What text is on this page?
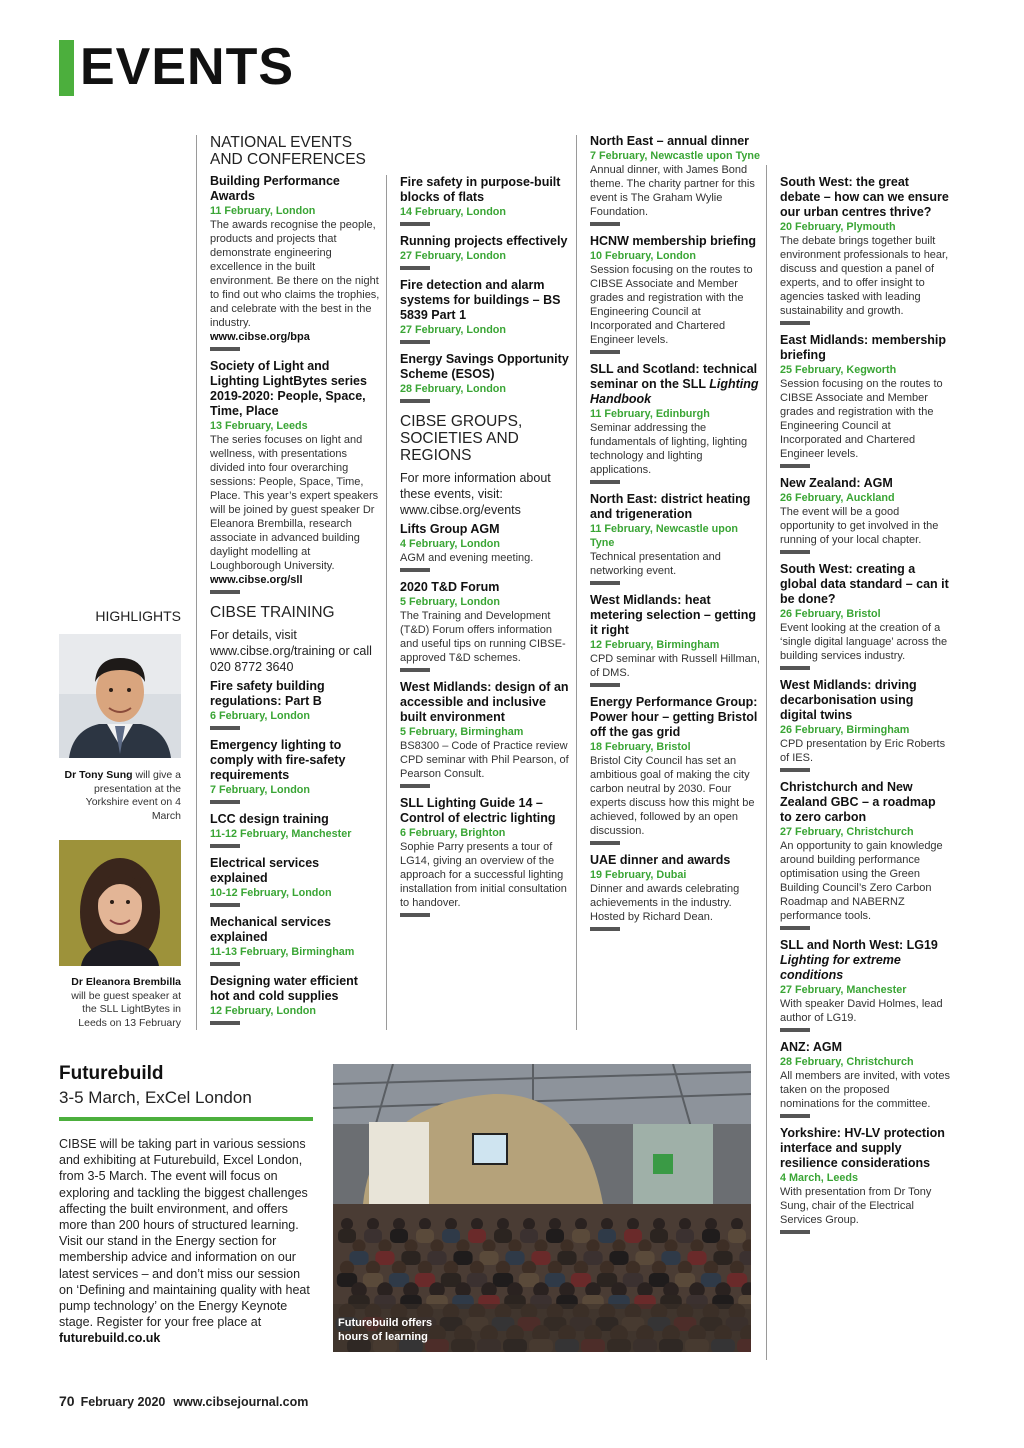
EVENTS
NATIONAL EVENTS AND CONFERENCES
Building Performance Awards
11 February, London
The awards recognise the people, products and projects that demonstrate engineering excellence in the built environment. Be there on the night to find out who claims the trophies, and celebrate with the best in the industry.
www.cibse.org/bpa
Society of Light and Lighting LightBytes series 2019-2020: People, Space, Time, Place
13 February, Leeds
The series focuses on light and wellness, with presentations divided into four overarching sessions: People, Space, Time, Place. This year’s expert speakers will be joined by guest speaker Dr Eleanora Brembilla, research associate in advanced building daylight modelling at Loughborough University.
www.cibse.org/sll
CIBSE TRAINING
For details, visit www.cibse.org/training or call 020 8772 3640
Fire safety building regulations: Part B
6 February, London
Emergency lighting to comply with fire-safety requirements
7 February, London
LCC design training
11-12 February, Manchester
Electrical services explained
10-12 February, London
Mechanical services explained
11-13 February, Birmingham
Designing water efficient hot and cold supplies
12 February, London
Fire safety in purpose-built blocks of flats
14 February, London
Running projects effectively
27 February, London
Fire detection and alarm systems for buildings – BS 5839 Part 1
27 February, London
Energy Savings Opportunity Scheme (ESOS)
28 February, London
CIBSE GROUPS, SOCIETIES AND REGIONS
For more information about these events, visit: www.cibse.org/events
Lifts Group AGM
4 February, London
AGM and evening meeting.
2020 T&D Forum
5 February, London
The Training and Development (T&D) Forum offers information and useful tips on running CIBSE-approved T&D schemes.
West Midlands: design of an accessible and inclusive built environment
5 February, Birmingham
BS8300 – Code of Practice review CPD seminar with Phil Pearson, of Pearson Consult.
SLL Lighting Guide 14 – Control of electric lighting
6 February, Brighton
Sophie Parry presents a tour of LG14, giving an overview of the approach for a successful lighting installation from initial consultation to handover.
North East – annual dinner
7 February, Newcastle upon Tyne
Annual dinner, with James Bond theme. The charity partner for this event is The Graham Wylie Foundation.
HCNW membership briefing
10 February, London
Session focusing on the routes to CIBSE Associate and Member grades and registration with the Engineering Council at Incorporated and Chartered Engineer levels.
SLL and Scotland: technical seminar on the SLL Lighting Handbook
11 February, Edinburgh
Seminar addressing the fundamentals of lighting, lighting technology and lighting applications.
North East: district heating and trigeneration
11 February, Newcastle upon Tyne
Technical presentation and networking event.
West Midlands: heat metering selection – getting it right
12 February, Birmingham
CPD seminar with Russell Hillman, of DMS.
Energy Performance Group: Power hour – getting Bristol off the gas grid
18 February, Bristol
Bristol City Council has set an ambitious goal of making the city carbon neutral by 2030. Four experts discuss how this might be achieved, followed by an open discussion.
UAE dinner and awards
19 February, Dubai
Dinner and awards celebrating achievements in the industry. Hosted by Richard Dean.
South West: the great debate – how can we ensure our urban centres thrive?
20 February, Plymouth
The debate brings together built environment professionals to hear, discuss and question a panel of experts, and to offer insight to agencies tasked with leading sustainability and growth.
East Midlands: membership briefing
25 February, Kegworth
Session focusing on the routes to CIBSE Associate and Member grades and registration with the Engineering Council at Incorporated and Chartered Engineer levels.
New Zealand: AGM
26 February, Auckland
The event will be a good opportunity to get involved in the running of your local chapter.
South West: creating a global data standard – can it be done?
26 February, Bristol
Event looking at the creation of a ‘single digital language’ across the building services industry.
West Midlands: driving decarbonisation using digital twins
26 February, Birmingham
CPD presentation by Eric Roberts of IES.
Christchurch and New Zealand GBC – a roadmap to zero carbon
27 February, Christchurch
An opportunity to gain knowledge around building performance optimisation using the Green Building Council’s Zero Carbon Roadmap and NABERNZ performance tools.
SLL and North West: LG19 Lighting for extreme conditions
27 February, Manchester
With speaker David Holmes, lead author of LG19.
ANZ: AGM
28 February, Christchurch
All members are invited, with votes taken on the proposed nominations for the committee.
Yorkshire: HV-LV protection interface and supply resilience considerations
4 March, Leeds
With presentation from Dr Tony Sung, chair of the Electrical Services Group.
HIGHLIGHTS
Dr Tony Sung will give a presentation at the Yorkshire event on 4 March
Dr Eleanora Brembilla will be guest speaker at the SLL LightBytes in Leeds on 13 February
Futurebuild
3-5 March, ExCel London
CIBSE will be taking part in various sessions and exhibiting at Futurebuild, Excel London, from 3-5 March. The event will focus on exploring and tackling the biggest challenges affecting the built environment, and offers more than 200 hours of structured learning. Visit our stand in the Energy section for membership advice and information on our latest services – and don’t miss our session on ‘Defining and maintaining quality with heat pump technology’ on the Energy Keynote stage. Register for your free place at futurebuild.co.uk
Futurebuild offers hours of learning
70 February 2020 www.cibsejournal.com
